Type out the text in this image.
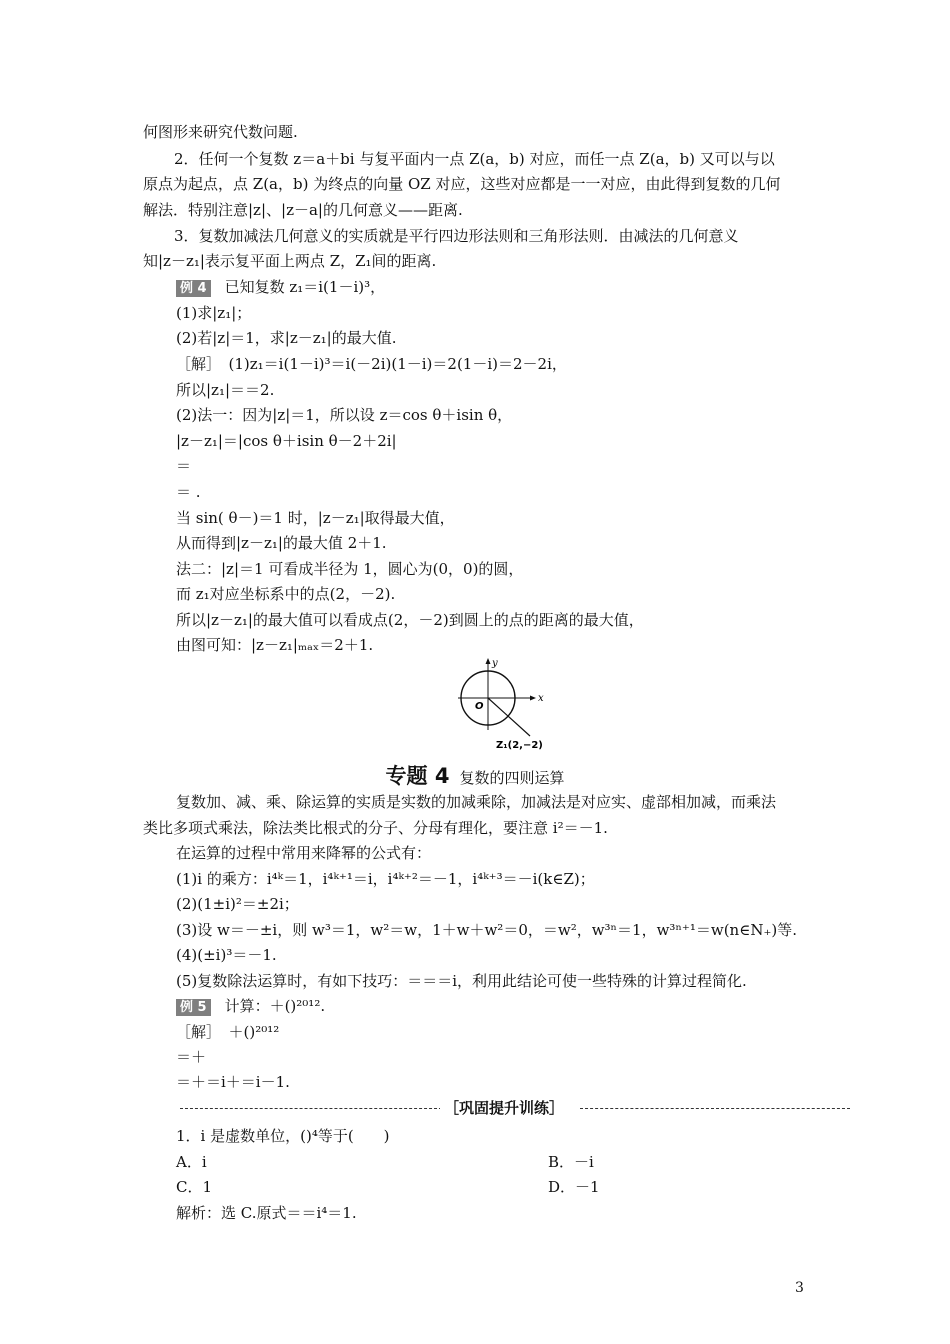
何图形来研究代数问题.
2．任何一个复数 z＝a＋bi 与复平面内一点 Z(a，b) 对应，而任一点 Z(a，b) 又可以与以
原点为起点，点 Z(a，b) 为终点的向量 OZ 对应，这些对应都是一一对应，由此得到复数的几何
解法．特别注意|z|、|z－a|的几何意义——距离.
3．复数加减法几何意义的实质就是平行四边形法则和三角形法则．由减法的几何意义
知|z－z₁|表示复平面上两点 Z，Z₁间的距离.
例 4 已知复数 z₁＝i(1－i)³，
(1)求|z₁|；
(2)若|z|＝1，求|z－z₁|的最大值.
［解］　(1)z₁＝i(1－i)³＝i(－2i)(1－i)＝2(1－i)＝2－2i，
所以|z₁|＝＝2.
(2)法一：因为|z|＝1，所以设 z＝cos θ＋isin θ，
|z－z₁|＝|cos θ＋isin θ－2＋2i|
＝
＝ .
当 sin( θ－)＝1 时，|z－z₁|取得最大值，
从而得到|z－z₁|的最大值 2＋1.
法二：|z|＝1 可看成半径为 1，圆心为(0，0)的圆，
而 z₁对应坐标系中的点(2，－2).
所以|z－z₁|的最大值可以看成点(2，－2)到圆上的点的距离的最大值，
由图可知：|z－z₁|ₘₐₓ＝2＋1.
y
x
O
Z₁(2,−2)
专题 4 复数的四则运算
复数加、减、乘、除运算的实质是实数的加减乘除，加减法是对应实、虚部相加减，而乘法
类比多项式乘法，除法类比根式的分子、分母有理化，要注意 i²＝－1.
在运算的过程中常用来降幂的公式有：
(1)i 的乘方：i⁴ᵏ＝1，i⁴ᵏ⁺¹＝i，i⁴ᵏ⁺²＝－1，i⁴ᵏ⁺³＝－i(k∈Z)；
(2)(1±i)²＝±2i；
(3)设 w＝－±i，则 w³＝1，w²＝w，1＋w＋w²＝0，＝w²，w³ⁿ＝1，w³ⁿ⁺¹＝w(n∈N₊)等.
(4)(±i)³＝－1.
(5)复数除法运算时，有如下技巧：＝＝＝i，利用此结论可使一些特殊的计算过程简化.
例 5 计算：＋()²⁰¹².
［解］　＋()²⁰¹²
＝＋
＝＋＝i＋＝i－1.
［巩固提升训练］
1．i 是虚数单位，()⁴等于(　　)
A．i	B．－i
C．1	D．－1
解析：选 C.原式＝＝i⁴＝1.
3
